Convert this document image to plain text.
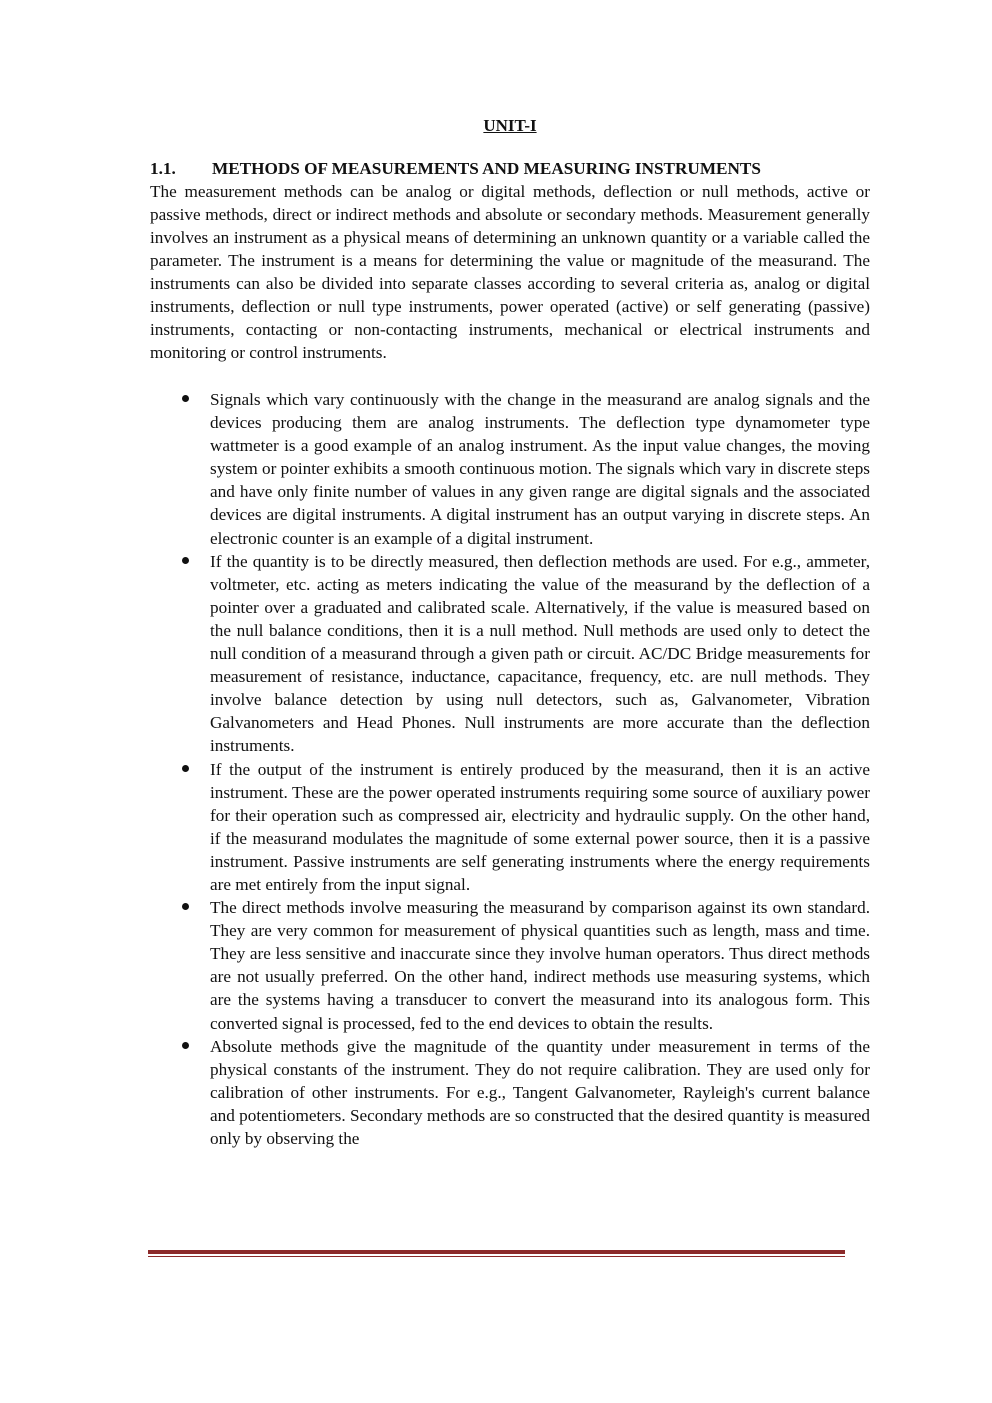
UNIT-I
1.1. METHODS OF MEASUREMENTS AND MEASURING INSTRUMENTS

The measurement methods can be analog or digital methods, deflection or null methods, active or passive methods, direct or indirect methods and absolute or secondary methods. Measurement generally involves an instrument as a physical means of determining an unknown quantity or a variable called the parameter. The instrument is a means for determining the value or magnitude of the measurand. The instruments can also be divided into separate classes according to several criteria as, analog or digital instruments, deflection or null type instruments, power operated (active) or self generating (passive) instruments, contacting or non-contacting instruments, mechanical or electrical instruments and monitoring or control instruments.

Signals which vary continuously with the change in the measurand are analog signals and the devices producing them are analog instruments. The deflection type dynamometer type wattmeter is a good example of an analog instrument. As the input value changes, the moving system or pointer exhibits a smooth continuous motion. The signals which vary in discrete steps and have only finite number of values in any given range are digital signals and the associated devices are digital instruments. A digital instrument has an output varying in discrete steps. An electronic counter is an example of a digital instrument.
If the quantity is to be directly measured, then deflection methods are used. For e.g., ammeter, voltmeter, etc. acting as meters indicating the value of the measurand by the deflection of a pointer over a graduated and calibrated scale. Alternatively, if the value is measured based on the null balance conditions, then it is a null method. Null methods are used only to detect the null condition of a measurand through a given path or circuit. AC/DC Bridge measurements for measurement of resistance, inductance, capacitance, frequency, etc. are null methods. They involve balance detection by using null detectors, such as, Galvanometer, Vibration Galvanometers and Head Phones. Null instruments are more accurate than the deflection instruments.
If the output of the instrument is entirely produced by the measurand, then it is an active instrument. These are the power operated instruments requiring some source of auxiliary power for their operation such as compressed air, electricity and hydraulic supply. On the other hand, if the measurand modulates the magnitude of some external power source, then it is a passive instrument. Passive instruments are self generating instruments where the energy requirements are met entirely from the input signal.
The direct methods involve measuring the measurand by comparison against its own standard. They are very common for measurement of physical quantities such as length, mass and time. They are less sensitive and inaccurate since they involve human operators. Thus direct methods are not usually preferred. On the other hand, indirect methods use measuring systems, which are the systems having a transducer to convert the measurand into its analogous form. This converted signal is processed, fed to the end devices to obtain the results.
Absolute methods give the magnitude of the quantity under measurement in terms of the physical constants of the instrument. They do not require calibration. They are used only for calibration of other instruments. For e.g., Tangent Galvanometer, Rayleigh's current balance and potentiometers. Secondary methods are so constructed that the desired quantity is measured only by observing the
